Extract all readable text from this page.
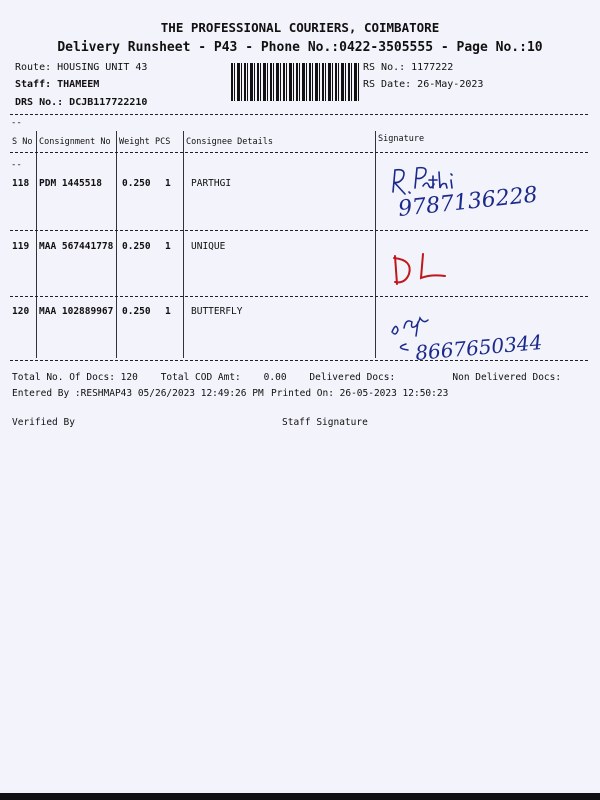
THE PROFESSIONAL COURIERS, COIMBATORE
Delivery Runsheet - P43 - Phone No.:0422-3505555 - Page No.:10
Route: HOUSING UNIT 43
Staff: THAMEEM
DRS No.: DCJB117722210
RS No.: 1177222
RS Date: 26-May-2023
--
--
S No Consignment No Weight PCS Consignee Details	Signature
118 PDM 1445518 0.250 1 PARTHGI
119 MAA 567441778 0.250 1 UNIQUE
120 MAA 102889967 0.250 1 BUTTERFLY
9787136228
8667650344
Total No. Of Docs: 120    Total COD Amt:    0.00    Delivered Docs:          Non Delivered Docs:
Entered By :RESHMAP43 05/26/2023 12:49:26 PM Printed On: 26-05-2023 12:50:23
Verified By	Staff Signature
